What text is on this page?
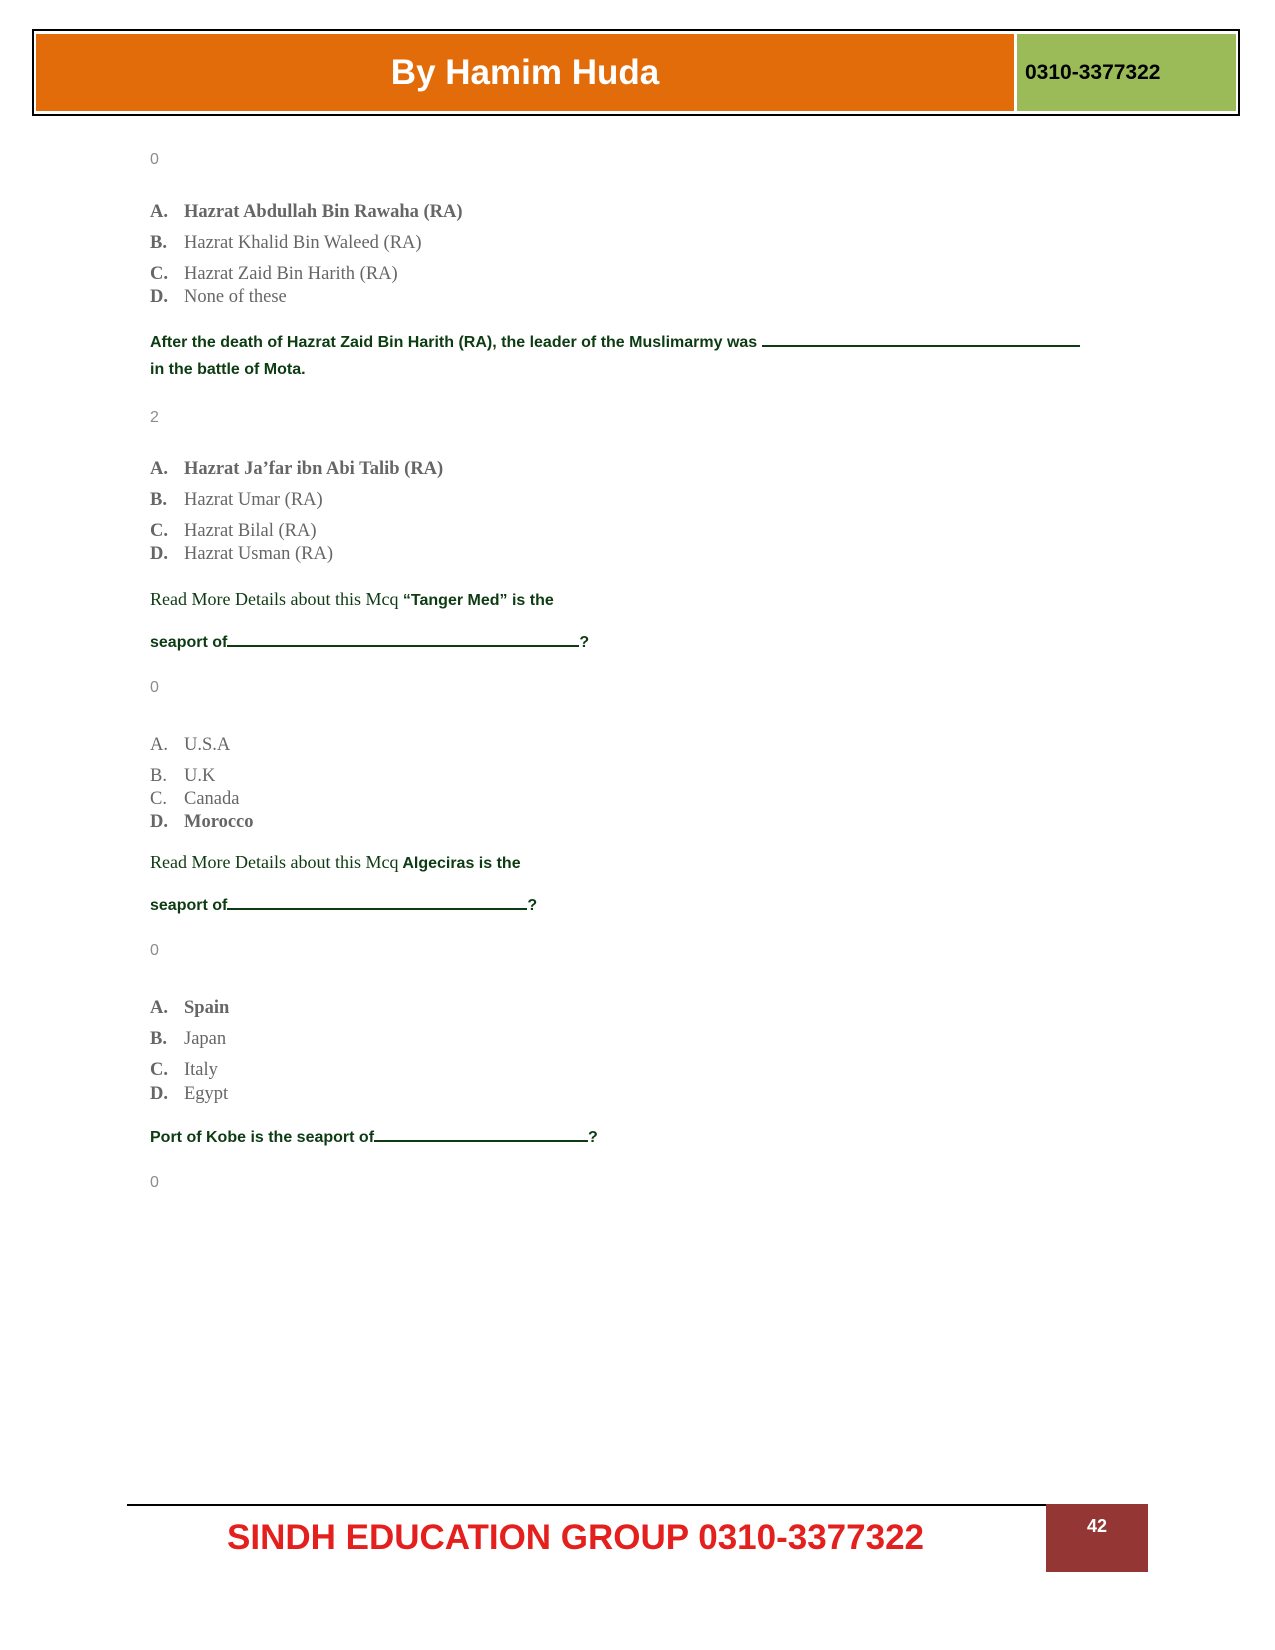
By Hamim Huda	0310-3377322
0
A. Hazrat Abdullah Bin Rawaha (RA)
B. Hazrat Khalid Bin Waleed (RA)
C. Hazrat Zaid Bin Harith (RA)
D. None of these
After the death of Hazrat Zaid Bin Harith (RA), the leader of the Muslimarmy was
in the battle of Mota.
2
A. Hazrat Ja’far ibn Abi Talib (RA)
B. Hazrat Umar (RA)
C. Hazrat Bilal (RA)
D. Hazrat Usman (RA)
Read More Details about this Mcq “Tanger Med” is the
seaport of	?
0
A. U.S.A
B. U.K
C. Canada
D. Morocco
Read More Details about this Mcq Algeciras is the
seaport of	?
0
A. Spain
B. Japan
C. Italy
D. Egypt
Port of Kobe is the seaport of	?
0
SINDH EDUCATION GROUP 0310-3377322	42
